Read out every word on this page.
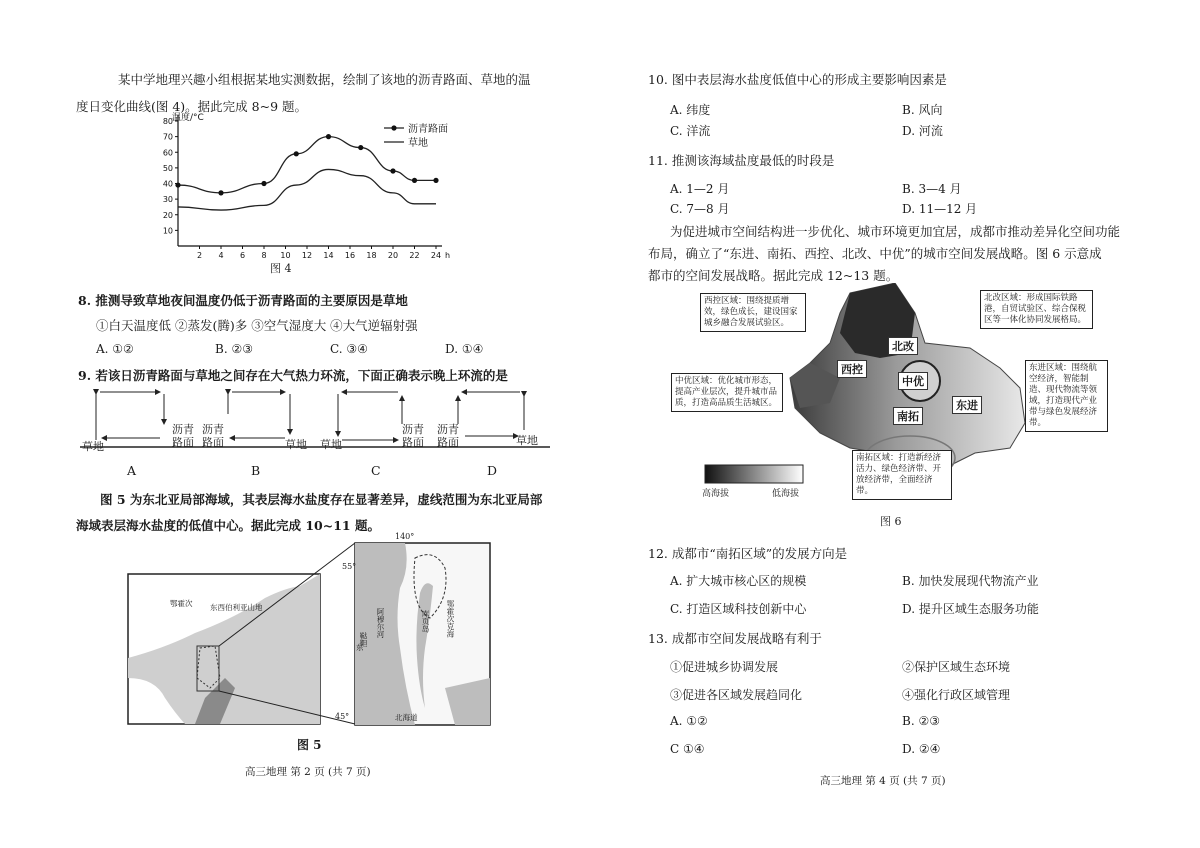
某中学地理兴趣小组根据某地实测数据，绘制了该地的沥青路面、草地的温
度日变化曲线(图 4)。据此完成 8~9 题。
温度/°C
10
20
30
40
50
60
70
80
2 4 6 8 10 12 14 16 18 20 22 24 h
沥青路面
草地
图 4
8. 推测导致草地夜间温度仍低于沥青路面的主要原因是草地
①白天温度低 ②蒸发(腾)多 ③空气湿度大 ④大气逆辐射强
A. ①②	B. ②③	C. ③④	D. ①④
9. 若该日沥青路面与草地之间存在大气热力环流，下面正确表示晚上环流的是
草地
沥青
路面
沥青
路面	草地 草地
沥青
路面
沥青
路面	草地
A	B	C	D
图 5 为东北亚局部海域，其表层海水盐度存在显著差异，虚线范围为东北亚局部
海域表层海水盐度的低值中心。据此完成 10~11 题。
鄂霍次 东西伯利亚山地
140°
55°
45°
鄂霍次克海
阿穆尔河	库页岛
东
北海道
鞑靼
图 5
高三地理 第 2 页 (共 7 页)
10. 图中表层海水盐度低值中心的形成主要影响因素是
A. 纬度	B. 风向
C. 洋流	D. 河流
11. 推测该海域盐度最低的时段是
A. 1—2 月	B. 3—4 月
C. 7—8 月	D. 11—12 月
为促进城市空间结构进一步优化、城市环境更加宜居，成都市推动差异化空间功能
布局，确立了“东进、南拓、西控、北改、中优”的城市空间发展战略。图 6 示意成
都市的空间发展战略。据此完成 12~13 题。
西控区域：围绕提质增效，绿色成长，建设国家城乡融合发展试验区。
北改区域：形成国际铁路港，自贸试验区、综合保税区等一体化协同发展格局。
中优区域：优化城市形态，提高产业层次，提升城市品质，打造高品质生活城区。
东进区域：围绕航空经济，智能制造、现代物流等领域，打造现代产业带与绿色发展经济带。
南拓区域：打造新经济活力、绿色经济带、开放经济带，全面经济带。
北改
西控
中优
东进
南拓
高海拔	低海拔
图 6
12. 成都市“南拓区域”的发展方向是
A. 扩大城市核心区的规模	B. 加快发展现代物流产业
C. 打造区域科技创新中心	D. 提升区域生态服务功能
13. 成都市空间发展战略有利于
①促进城乡协调发展	②保护区域生态环境
③促进各区域发展趋同化	④强化行政区域管理
A. ①②	B. ②③
C ①④	D. ②④
高三地理 第 4 页 (共 7 页)
